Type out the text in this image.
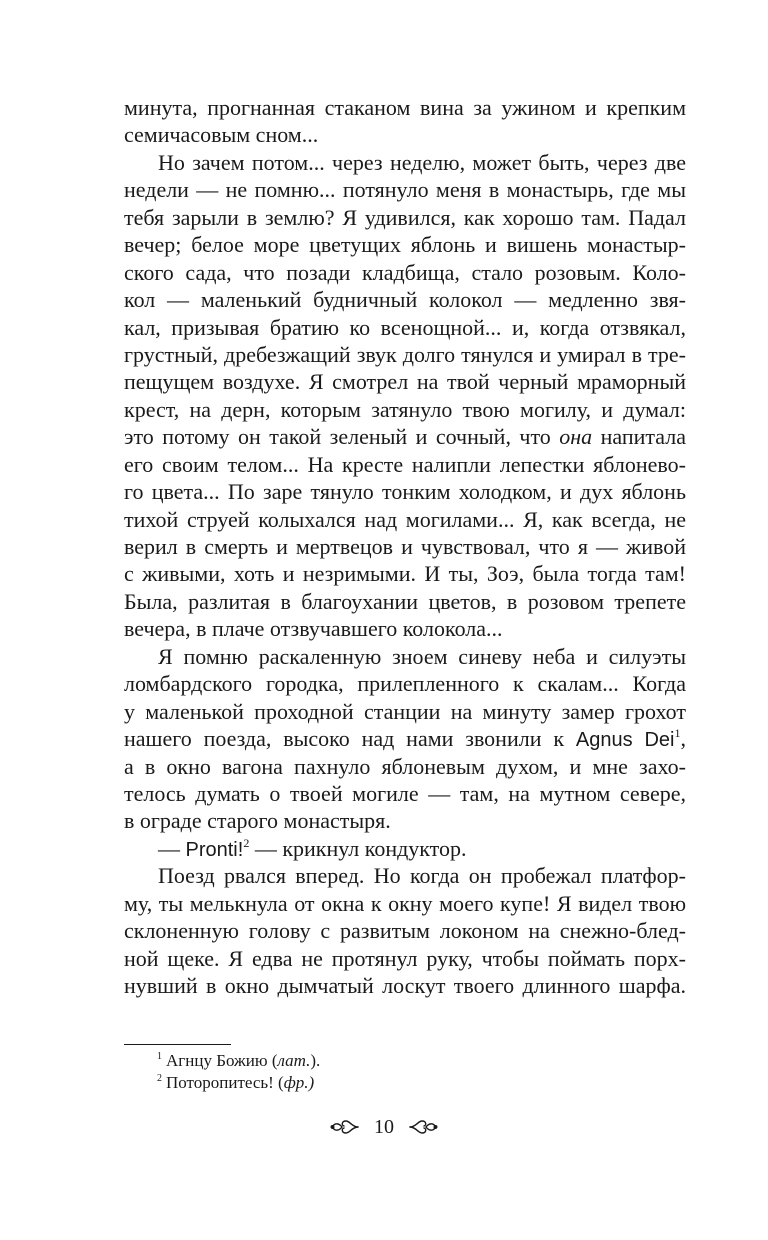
минута, прогнанная стаканом вина за ужином и крепким
семичасовым сном...
Но зачем потом... через неделю, может быть, через две
недели — не помню... потянуло меня в монастырь, где мы
тебя зарыли в землю? Я удивился, как хорошо там. Падал
вечер; белое море цветущих яблонь и вишень монастыр-
ского сада, что позади кладбища, стало розовым. Коло-
кол — маленький будничный колокол — медленно звя-
кал, призывая братию ко всенощной... и, когда отзвякал,
грустный, дребезжащий звук долго тянулся и умирал в тре-
пещущем воздухе. Я смотрел на твой черный мраморный
крест, на дерн, которым затянуло твою могилу, и думал:
это потому он такой зеленый и сочный, что она напитала
его своим телом... На кресте налипли лепестки яблонево-
го цвета... По заре тянуло тонким холодком, и дух яблонь
тихой струей колыхался над могилами... Я, как всегда, не
верил в смерть и мертвецов и чувствовал, что я — живой
с живыми, хоть и незримыми. И ты, Зоэ, была тогда там!
Была, разлитая в благоухании цветов, в розовом трепете
вечера, в плаче отзвучавшего колокола...
Я помню раскаленную зноем синеву неба и силуэты
ломбардского городка, прилепленного к скалам... Когда
у маленькой проходной станции на минуту замер грохот
нашего поезда, высоко над нами звонили к Agnus Dei$^1$,
а в окно вагона пахнуло яблоневым духом, и мне захо-
телось думать о твоей могиле — там, на мутном севере,
в ограде старого монастыря.
— Pronti!$^2$ — крикнул кондуктор.
Поезд рвался вперед. Но когда он пробежал платфор-
му, ты мелькнула от окна к окну моего купе! Я видел твою
склоненную голову с развитым локоном на снежно-блед-
ной щеке. Я едва не протянул руку, чтобы поймать порх-
нувший в окно дымчатый лоскут твоего длинного шарфа.
$^1$ Агнцу Божию (лат.).
$^2$ Поторопитесь! (фр.)
10
